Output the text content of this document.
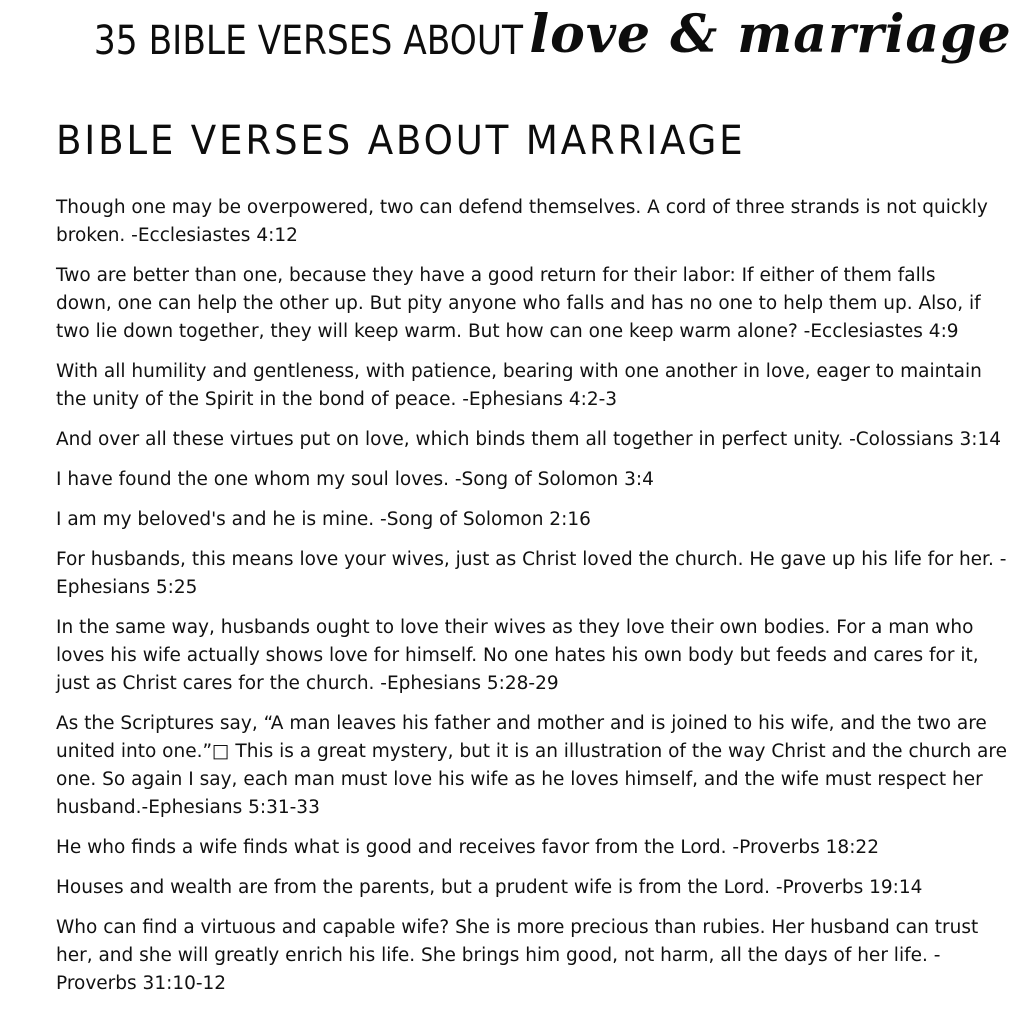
35 BIBLE VERSES ABOUT love & marriage
BIBLE VERSES ABOUT MARRIAGE

Though one may be overpowered, two can defend themselves. A cord of three strands is not quickly
broken. -Ecclesiastes 4:12

Two are better than one, because they have a good return for their labor: If either of them falls
down, one can help the other up. But pity anyone who falls and has no one to help them up. Also, if
two lie down together, they will keep warm. But how can one keep warm alone? -Ecclesiastes 4:9

With all humility and gentleness, with patience, bearing with one another in love, eager to maintain
the unity of the Spirit in the bond of peace. -Ephesians 4:2-3

And over all these virtues put on love, which binds them all together in perfect unity. -Colossians 3:14

I have found the one whom my soul loves. -Song of Solomon 3:4

I am my beloved's and he is mine. -Song of Solomon 2:16

For husbands, this means love your wives, just as Christ loved the church. He gave up his life for her. -
Ephesians 5:25

In the same way, husbands ought to love their wives as they love their own bodies. For a man who
loves his wife actually shows love for himself. No one hates his own body but feeds and cares for it,
just as Christ cares for the church. -Ephesians 5:28-29

As the Scriptures say, “A man leaves his father and mother and is joined to his wife, and the two are
united into one.”□ This is a great mystery, but it is an illustration of the way Christ and the church are
one. So again I say, each man must love his wife as he loves himself, and the wife must respect her
husband.-Ephesians 5:31-33

He who finds a wife finds what is good and receives favor from the Lord. -Proverbs 18:22

Houses and wealth are from the parents, but a prudent wife is from the Lord. -Proverbs 19:14

Who can find a virtuous and capable wife? She is more precious than rubies. Her husband can trust
her, and she will greatly enrich his life. She brings him good, not harm, all the days of her life. -
Proverbs 31:10-12
